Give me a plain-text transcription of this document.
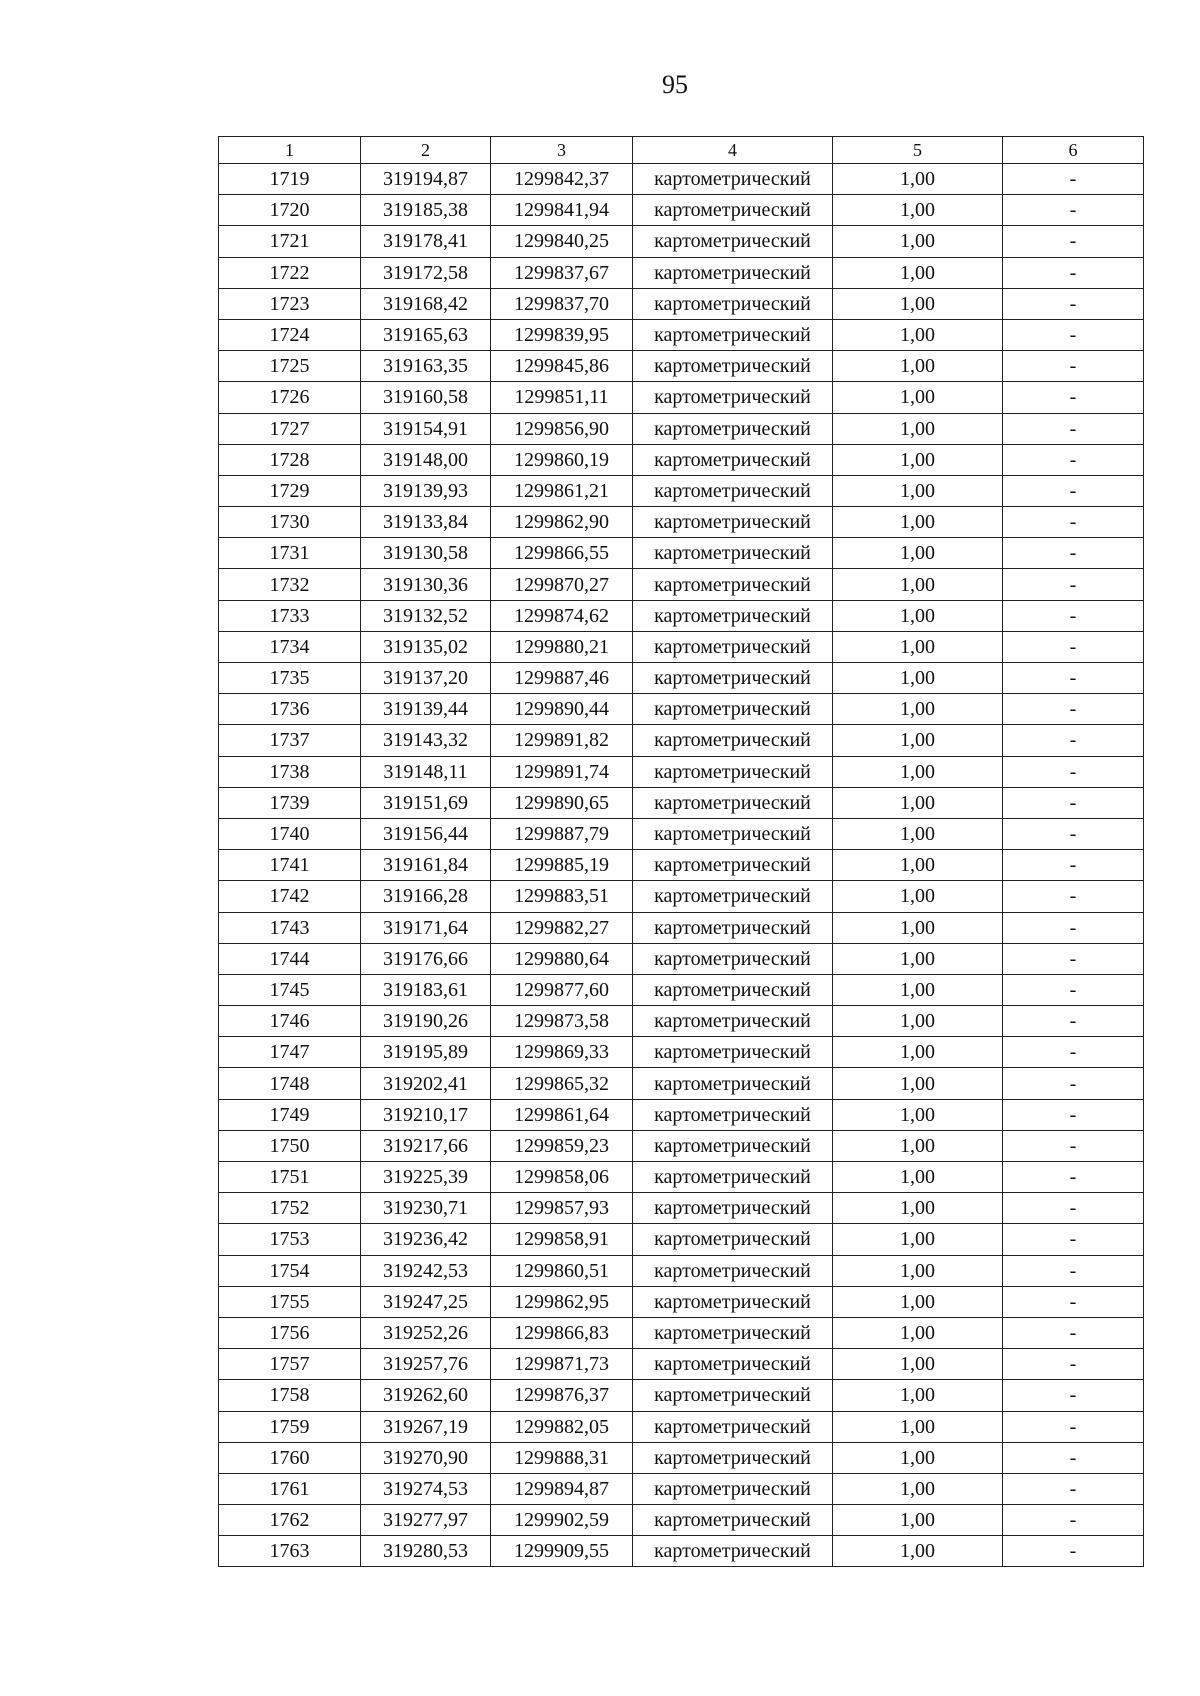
95
1	2	3	4	5	6
1719	319194,87	1299842,37	картометрический	1,00	-
1720	319185,38	1299841,94	картометрический	1,00	-
1721	319178,41	1299840,25	картометрический	1,00	-
1722	319172,58	1299837,67	картометрический	1,00	-
1723	319168,42	1299837,70	картометрический	1,00	-
1724	319165,63	1299839,95	картометрический	1,00	-
1725	319163,35	1299845,86	картометрический	1,00	-
1726	319160,58	1299851,11	картометрический	1,00	-
1727	319154,91	1299856,90	картометрический	1,00	-
1728	319148,00	1299860,19	картометрический	1,00	-
1729	319139,93	1299861,21	картометрический	1,00	-
1730	319133,84	1299862,90	картометрический	1,00	-
1731	319130,58	1299866,55	картометрический	1,00	-
1732	319130,36	1299870,27	картометрический	1,00	-
1733	319132,52	1299874,62	картометрический	1,00	-
1734	319135,02	1299880,21	картометрический	1,00	-
1735	319137,20	1299887,46	картометрический	1,00	-
1736	319139,44	1299890,44	картометрический	1,00	-
1737	319143,32	1299891,82	картометрический	1,00	-
1738	319148,11	1299891,74	картометрический	1,00	-
1739	319151,69	1299890,65	картометрический	1,00	-
1740	319156,44	1299887,79	картометрический	1,00	-
1741	319161,84	1299885,19	картометрический	1,00	-
1742	319166,28	1299883,51	картометрический	1,00	-
1743	319171,64	1299882,27	картометрический	1,00	-
1744	319176,66	1299880,64	картометрический	1,00	-
1745	319183,61	1299877,60	картометрический	1,00	-
1746	319190,26	1299873,58	картометрический	1,00	-
1747	319195,89	1299869,33	картометрический	1,00	-
1748	319202,41	1299865,32	картометрический	1,00	-
1749	319210,17	1299861,64	картометрический	1,00	-
1750	319217,66	1299859,23	картометрический	1,00	-
1751	319225,39	1299858,06	картометрический	1,00	-
1752	319230,71	1299857,93	картометрический	1,00	-
1753	319236,42	1299858,91	картометрический	1,00	-
1754	319242,53	1299860,51	картометрический	1,00	-
1755	319247,25	1299862,95	картометрический	1,00	-
1756	319252,26	1299866,83	картометрический	1,00	-
1757	319257,76	1299871,73	картометрический	1,00	-
1758	319262,60	1299876,37	картометрический	1,00	-
1759	319267,19	1299882,05	картометрический	1,00	-
1760	319270,90	1299888,31	картометрический	1,00	-
1761	319274,53	1299894,87	картометрический	1,00	-
1762	319277,97	1299902,59	картометрический	1,00	-
1763	319280,53	1299909,55	картометрический	1,00	-
